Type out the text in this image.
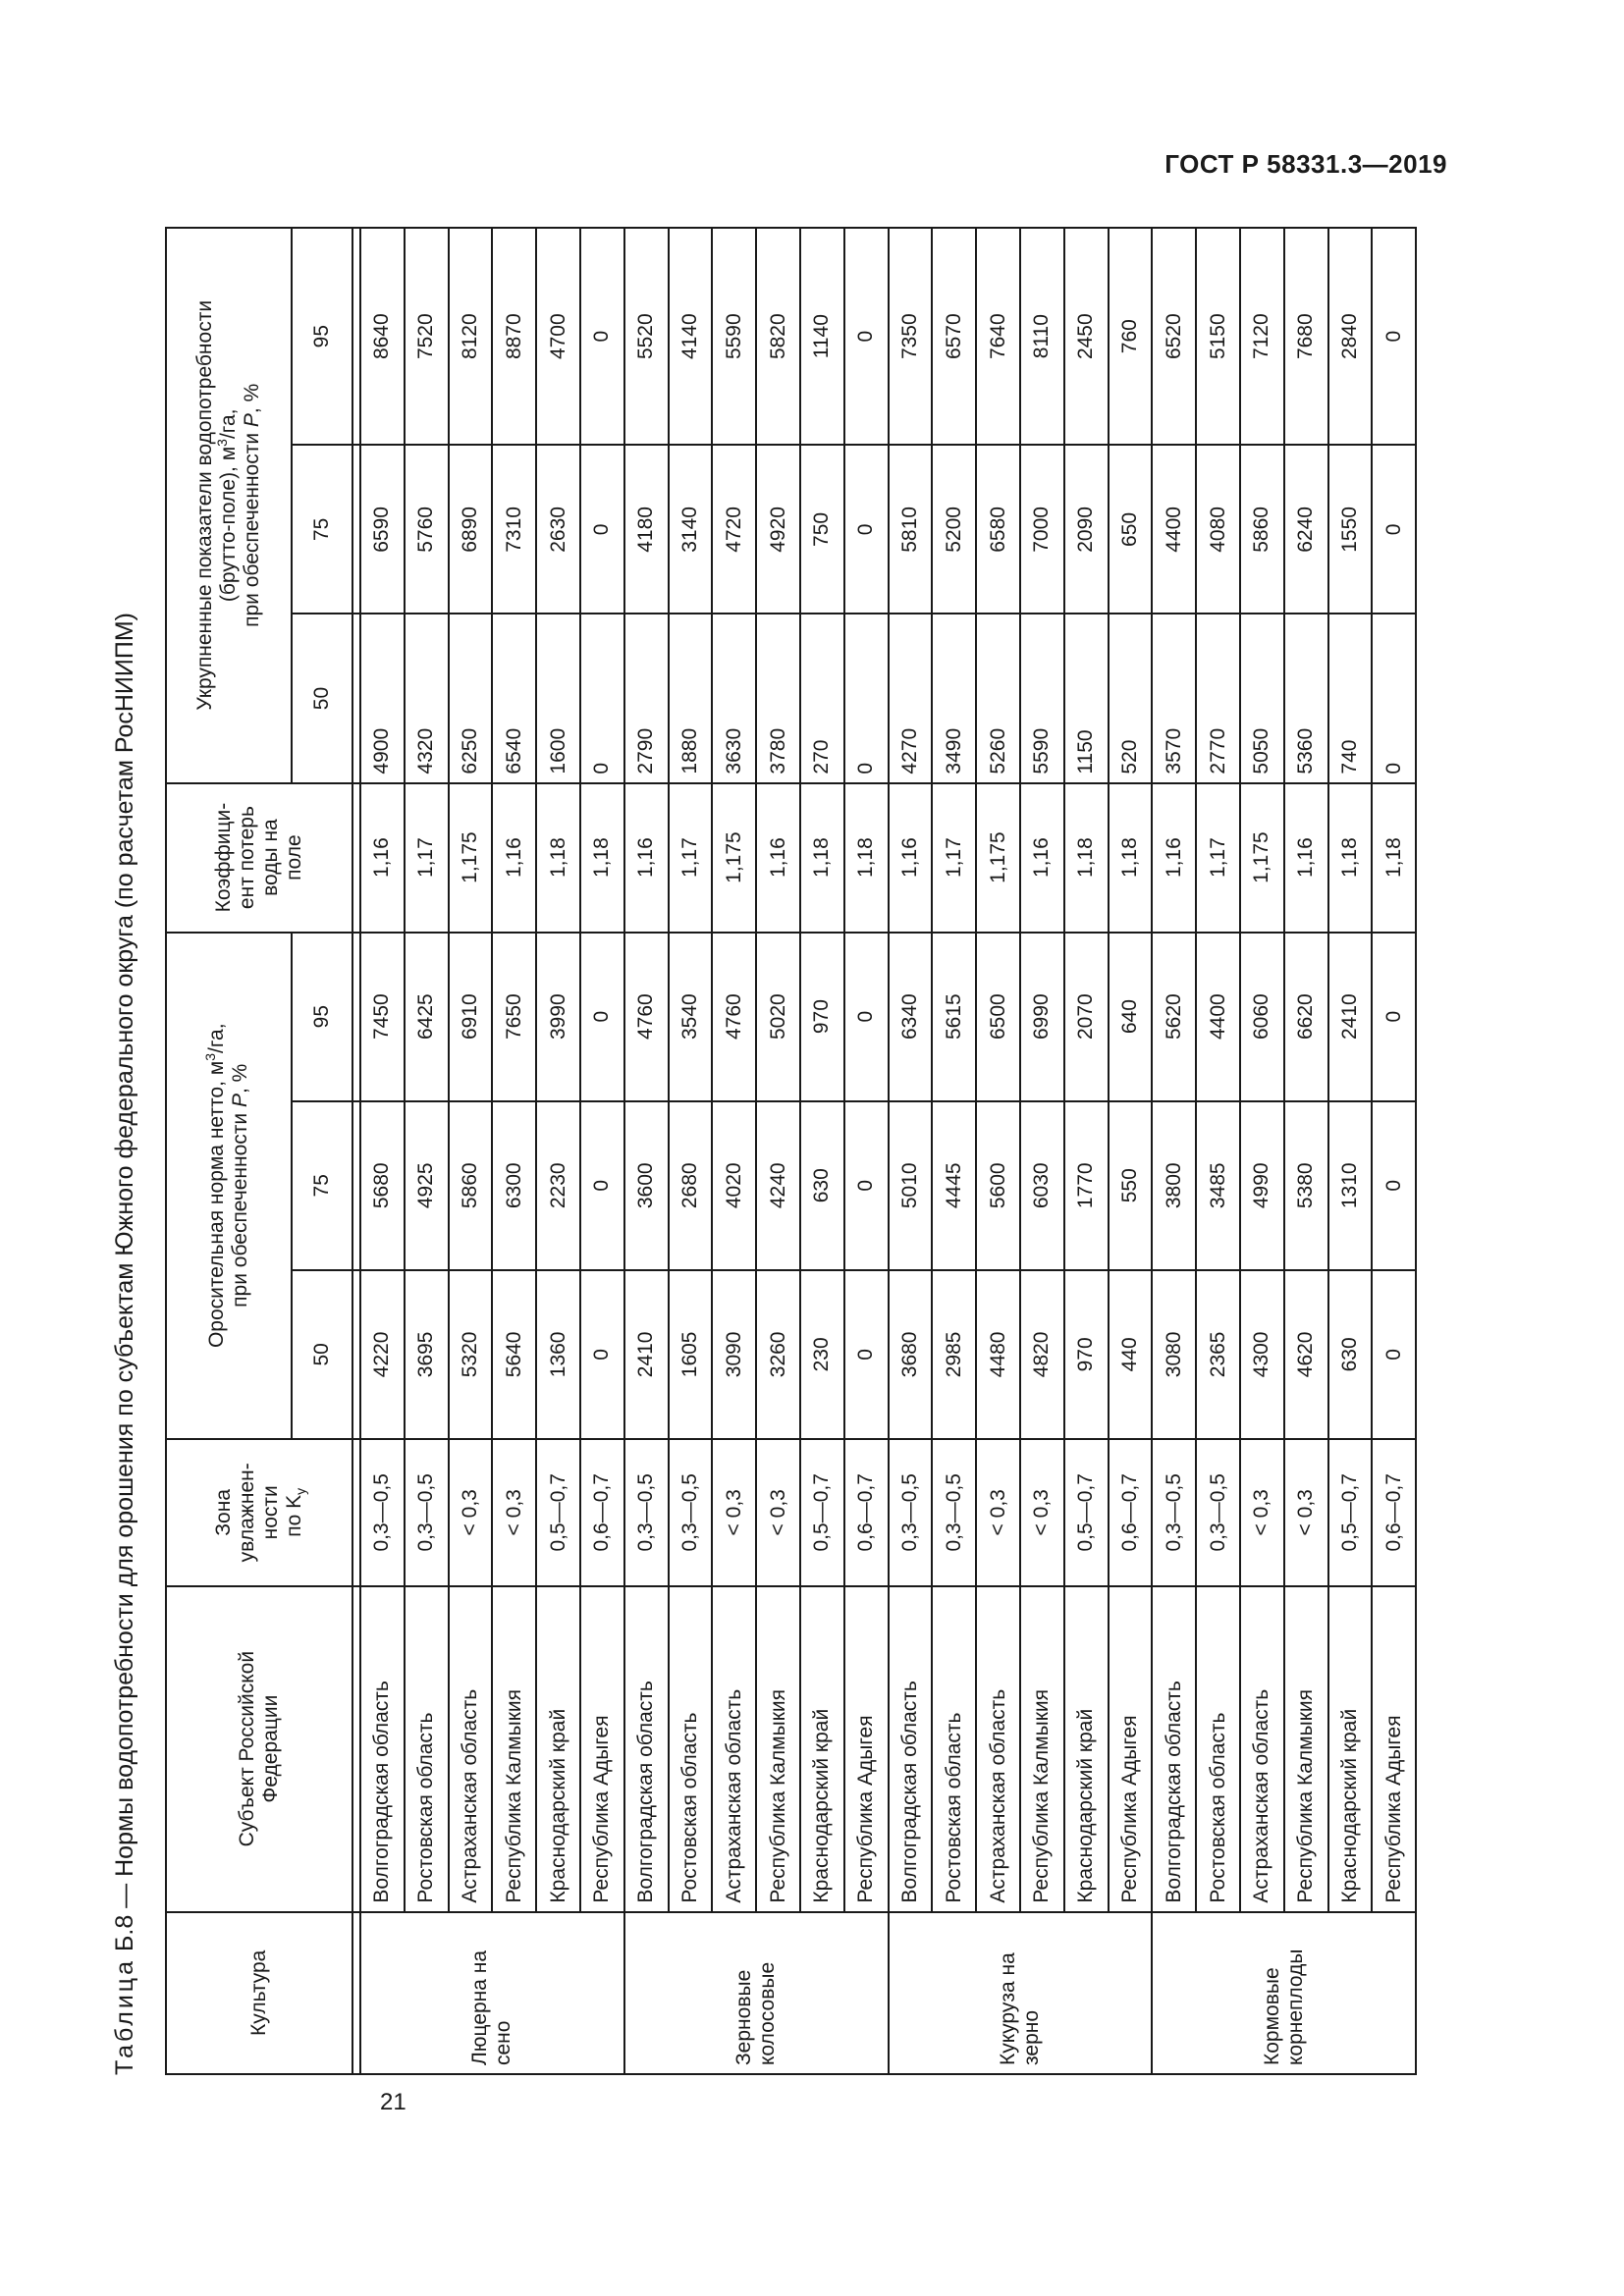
ГОСТ Р 58331.3—2019
21
Таблица Б.8 — Нормы водопотребности для орошения по субъектам Южного федерального округа (по расчетам РосНИИПМ)
Культура	Субъект Российской Федерации	Зона увлажнен-
ности
по $K_у$	Оросительная норма нетто, $м^3/га$,
при обеспеченности P, %			Коэффици-
ент потерь
воды на
поле	Укрупненные показатели водопотребности
(брутто-поле), $м^3/га$,
при обеспеченности P, %		
			50	75	95		50	75	95

Люцерна на сено	Волгоградская область	0,3—0,5	4220	5680	7450	1,16	4900	6590	8640
	Ростовская область	0,3—0,5	3695	4925	6425	1,17	4320	5760	7520
	Астраханская область	< 0,3	5320	5860	6910	1,175	6250	6890	8120
	Республика Калмыкия	< 0,3	5640	6300	7650	1,16	6540	7310	8870
	Краснодарский край	0,5—0,7	1360	2230	3990	1,18	1600	2630	4700
	Республика Адыгея	0,6—0,7	0	0	0	1,18	0	0	0
Зерновые колосовые	Волгоградская область	0,3—0,5	2410	3600	4760	1,16	2790	4180	5520
	Ростовская область	0,3—0,5	1605	2680	3540	1,17	1880	3140	4140
	Астраханская область	< 0,3	3090	4020	4760	1,175	3630	4720	5590
	Республика Калмыкия	< 0,3	3260	4240	5020	1,16	3780	4920	5820
	Краснодарский край	0,5—0,7	230	630	970	1,18	270	750	1140
	Республика Адыгея	0,6—0,7	0	0	0	1,18	0	0	0
Кукуруза на зерно	Волгоградская область	0,3—0,5	3680	5010	6340	1,16	4270	5810	7350
	Ростовская область	0,3—0,5	2985	4445	5615	1,17	3490	5200	6570
	Астраханская область	< 0,3	4480	5600	6500	1,175	5260	6580	7640
	Республика Калмыкия	< 0,3	4820	6030	6990	1,16	5590	7000	8110
	Краснодарский край	0,5—0,7	970	1770	2070	1,18	1150	2090	2450
	Республика Адыгея	0,6—0,7	440	550	640	1,18	520	650	760
Кормовые корнеплоды	Волгоградская область	0,3—0,5	3080	3800	5620	1,16	3570	4400	6520
	Ростовская область	0,3—0,5	2365	3485	4400	1,17	2770	4080	5150
	Астраханская область	< 0,3	4300	4990	6060	1,175	5050	5860	7120
	Республика Калмыкия	< 0,3	4620	5380	6620	1,16	5360	6240	7680
	Краснодарский край	0,5—0,7	630	1310	2410	1,18	740	1550	2840
	Республика Адыгея	0,6—0,7	0	0	0	1,18	0	0	0
